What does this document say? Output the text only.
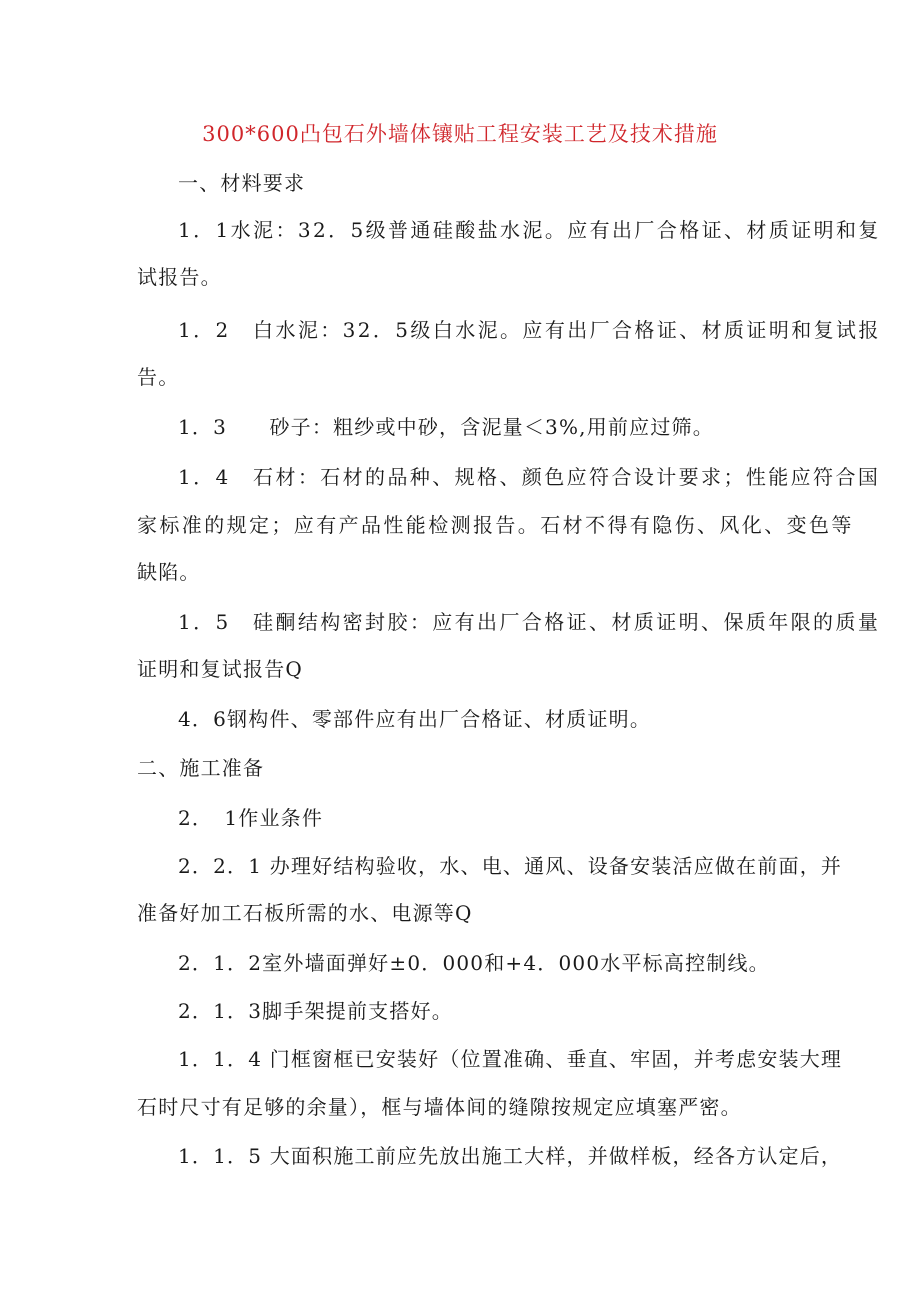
300*600凸包石外墙体镶贴工程安装工艺及技术措施
一、材料要求
1．1水泥：32．5级普通硅酸盐水泥。应有出厂合格证、材质证明和复
试报告。
1．2　白水泥：32．5级白水泥。应有出厂合格证、材质证明和复试报
告。
1．3　　砂子：粗纱或中砂，含泥量＜3%,用前应过筛。
1．4　石材：石材的品种、规格、颜色应符合设计要求；性能应符合国
家标准的规定；应有产品性能检测报告。石材不得有隐伤、风化、变色等
缺陷。
1．5　硅酮结构密封胶：应有出厂合格证、材质证明、保质年限的质量
证明和复试报告Q
4．6钢构件、零部件应有出厂合格证、材质证明。
二、施工准备
2．　1作业条件
2．2．1 办理好结构验收，水、电、通风、设备安装活应做在前面，并
准备好加工石板所需的水、电源等Q
2．1．2室外墙面弹好±0．000和+4．000水平标高控制线。
2．1．3脚手架提前支搭好。
1．1．4 门框窗框已安装好（位置准确、垂直、牢固，并考虑安装大理
石时尺寸有足够的余量），框与墙体间的缝隙按规定应填塞严密。
1．1．5 大面积施工前应先放出施工大样，并做样板，经各方认定后，
